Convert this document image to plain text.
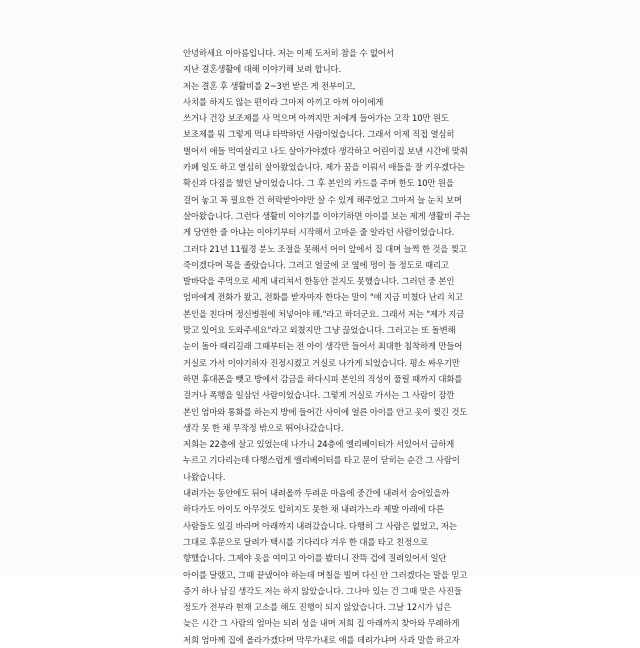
안녕하세요 이아름입니다. 저는 이제 도저히 참을 수 없어서
지난 결혼생활에 대해 이야기해 보려 합니다.
저는 결혼 후 생활비를 2~3번 받은 게 전부이고,
사치를 하지도 않는 편이라 그마저 아끼고 아껴 아이에게
쓰거나 건강 보조제를 사 먹으며 아껴지만 저에게 들어가는 고작 10만 원도
보조제를 뭐 그렇게 먹냐 타박하던 사람이었습니다. 그래서 이제 직접 열심히
벌어서 애들 먹여살리고 나도 살아가야겠다 생각하고 어린이집 보낸 시간에 맞춰
카페 일도 하고 열심히 살아왔었습니다. 제가 꿈을 이뤄서 애들을 잘 키우겠다는
확신과 다짐을 했던 날이었습니다. 그 후 본인의 카드를 주며 한도 10만 원을
걸어 놓고 꼭 필요한 건 허락받아야만 살 수 있게 해주었고 그마저 늘 눈치 보며
살아왔습니다. 그런다 생활비 이야기를 이야기하면 아이를 보는 제게 생활비 주는
게 당연한 줄 아냐는 이야기부터 시작해서 고마운 줄 알라던 사람이었습니다.
그러다 21년 11월경 분노 조절을 못해서 어이 앞에서 집 대며 늘쩍 한 것을 찢고
죽이겠다며 목을 졸랐습니다. 그러고 얼굴에 코 옆에 멍이 들 정도로 때리고
발바닥을 주먹으로 세게 내리쳐서 한동안 걷지도 못했습니다. 그러던 중 본인
엄마에게 전화가 왔고, 전화를 받자마자 한다는 말이 "얘 지금 미쳤다 난리 치고
본인을 친다며 정신병원에 처넣어야 해."라고 하더군요. 그래서 저는 "제가 지금
맞고 있어요 도와주세요"라고 외쳤지만 그냥 끊었습니다. 그러고는 또 돌변해
눈이 돌아 때리길래 그때부터는 전 아이 생각만 들어서 최대한 침착하게 만들어
거실로 가서 이야기하자 진정시켰고 거실로 나가게 되었습니다. 평소 싸우기만
하면 휴대폰을 뺏고 방에서 감금을 하다시피 본인의 직성이 풀릴 때까지 대화를
걸거나 폭행을 일삼던 사람이었습니다. 그렇게 거실로 가서는 그 사람이 잠깐
본인 엄마와 통화를 하는지 방에 들어간 사이에 얼른 아이를 안고 옷이 찢긴 것도
생각 못 한 채 무작정 밖으로 뛰어나갔습니다.
저희는 22층에 살고 있었는데 나가니 24층에 엘리베이터가 서있어서 급하게
누르고 기다리는데 다행스럽게 엘리베이터를 타고 문이 닫히는 순간 그 사람이
나왔습니다.
내려가는 동안에도 뒤어 내려올까 두려운 마음에 중간에 내려서 숨어있을까
하다가도 아이도 아무것도 입히지도 못한 채 내려가느라 제발 아래에 다른
사람들도 있길 바라며 아래까지 내려갔습니다. 다행히 그 사람은 없었고, 저는
그대로 후문으로 달려가 택시를 기다리다 겨우 한 대를 타고 친정으로
향했습니다. 그제야 옷을 여미고 아이를 봤더니 잔뜩 겁에 질려있어서 일단
아이를 달랬고, 그때 끝냈어야 하는데 며칠을 빌며 다신 안 그러겠다는 말을 믿고
증거 하나 남길 생각도 저는 하지 않았습니다. 그나마 있는 건 그때 맞은 사진들
정도가 전부라 현재 고소를 해도 진행이 되지 않았습니다. 그날 12시가 넘은
늦은 시간 그 사람의 엄마는 되려 성을 내며 저희 집 아래까지 찾아와 무례하게
저희 엄마께 집에 올라가겠다며 막무가내로 애를 데려가냐며 사과 말씀 하고자
